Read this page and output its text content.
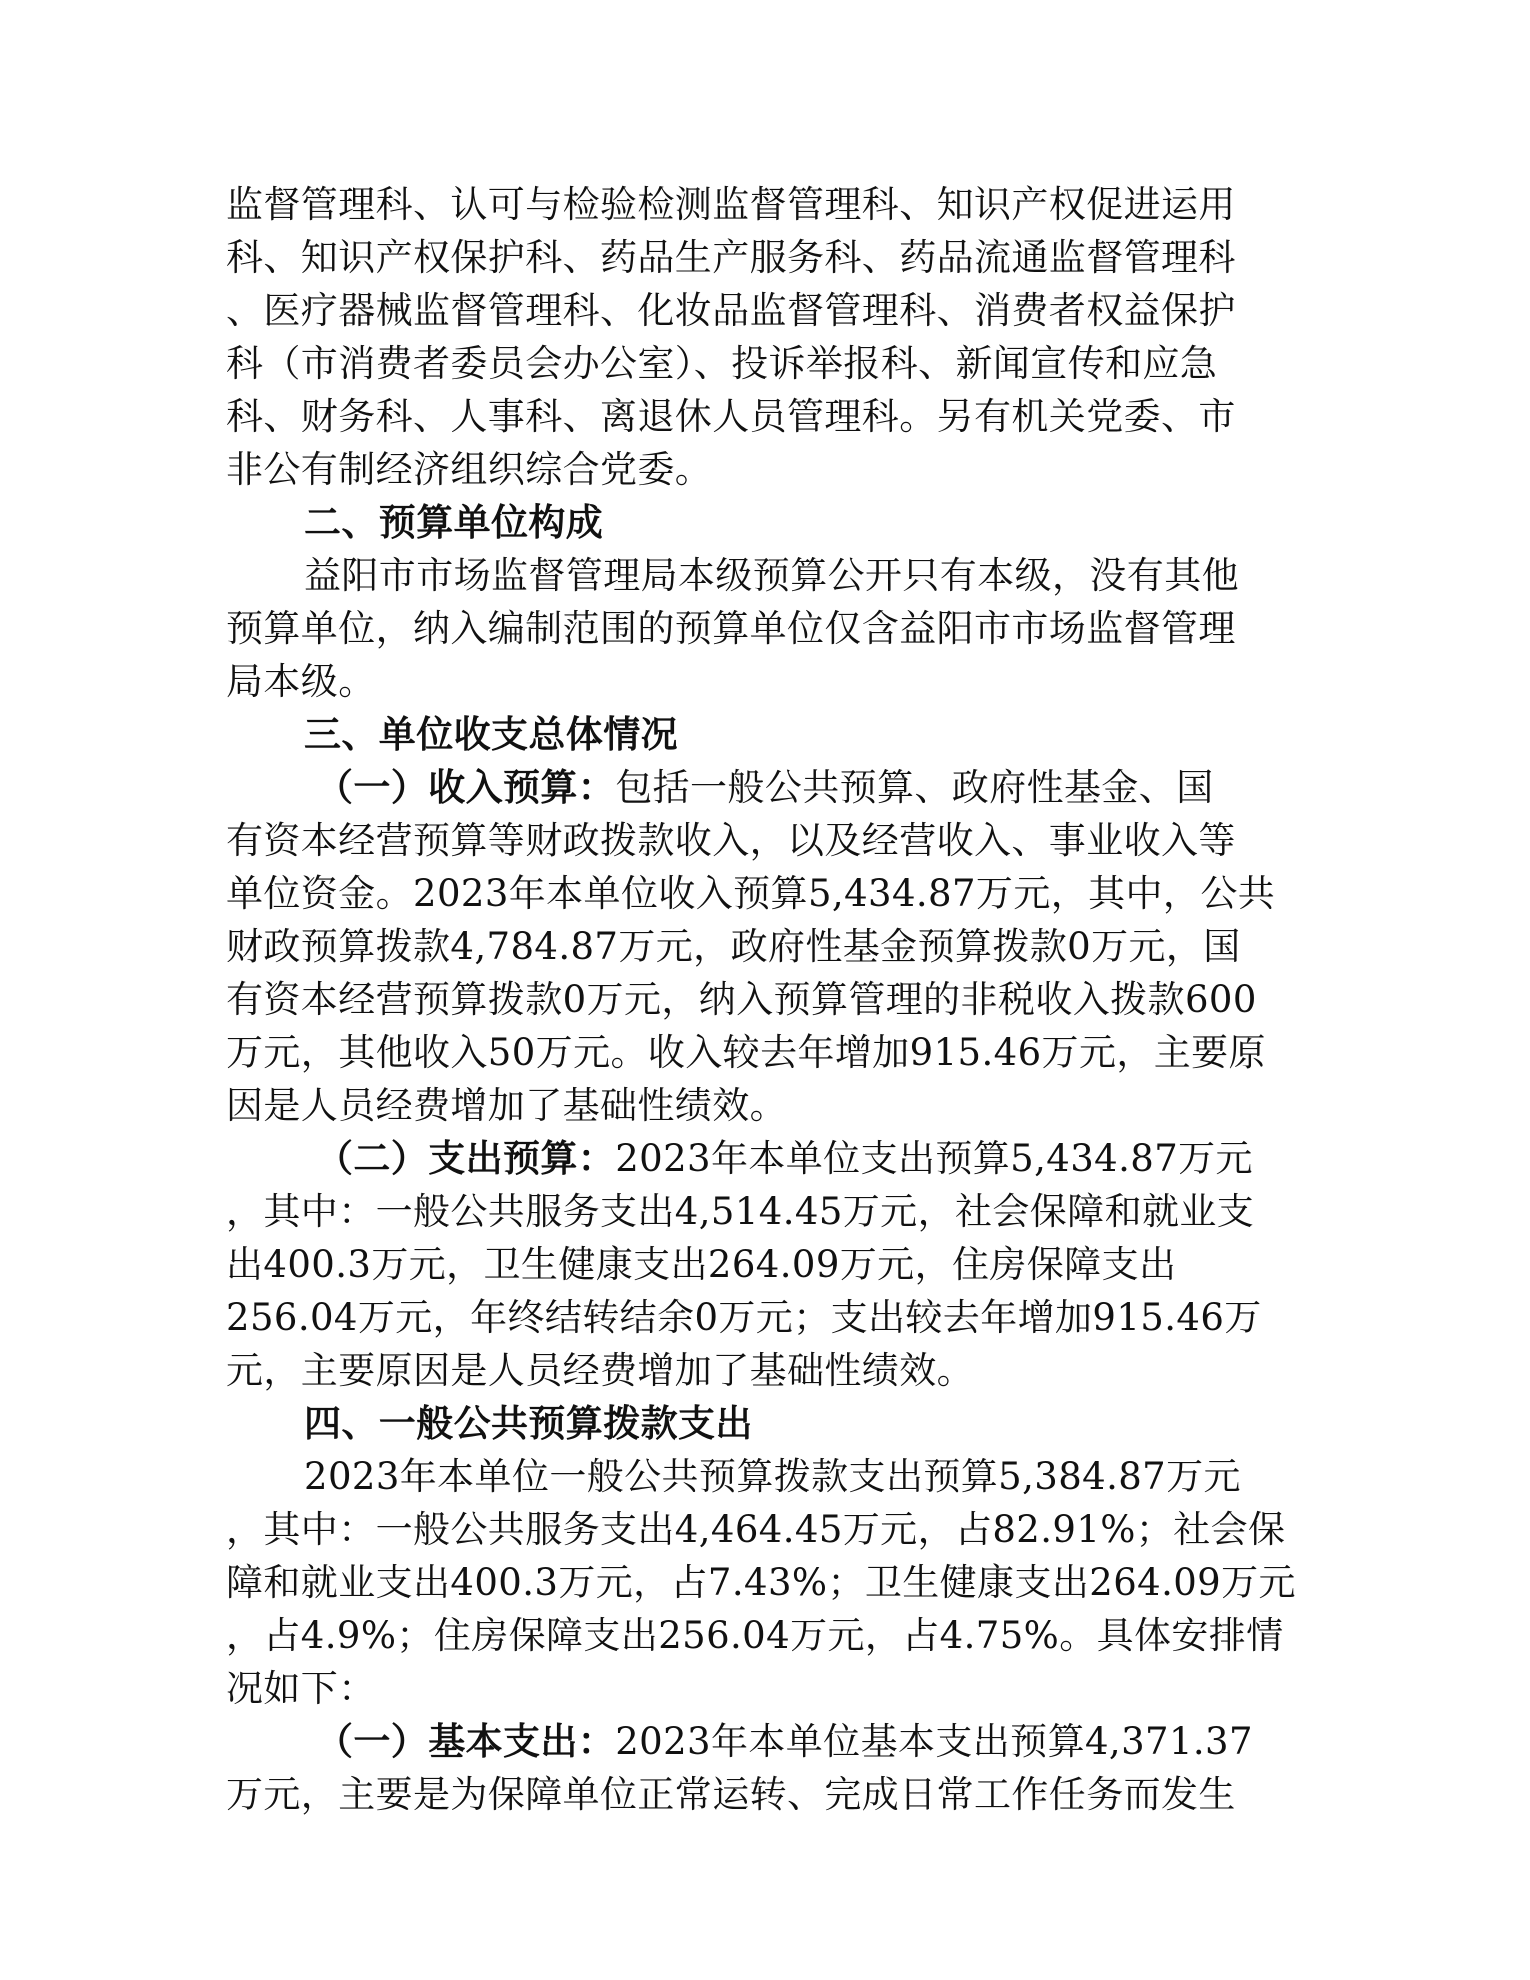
监督管理科、认可与检验检测监督管理科、知识产权促进运用
科、知识产权保护科、药品生产服务科、药品流通监督管理科
、医疗器械监督管理科、化妆品监督管理科、消费者权益保护
科（市消费者委员会办公室）、投诉举报科、新闻宣传和应急
科、财务科、人事科、离退休人员管理科。另有机关党委、市
非公有制经济组织综合党委。
二、预算单位构成
益阳市市场监督管理局本级预算公开只有本级，没有其他
预算单位，纳入编制范围的预算单位仅含益阳市市场监督管理
局本级。
三、单位收支总体情况
（一）收入预算：包括一般公共预算、政府性基金、国
有资本经营预算等财政拨款收入，以及经营收入、事业收入等
单位资金。2023年本单位收入预算5,434.87万元，其中，公共
财政预算拨款4,784.87万元，政府性基金预算拨款0万元，国
有资本经营预算拨款0万元，纳入预算管理的非税收入拨款600
万元，其他收入50万元。收入较去年增加915.46万元，主要原
因是人员经费增加了基础性绩效。
（二）支出预算：2023年本单位支出预算5,434.87万元
，其中：一般公共服务支出4,514.45万元，社会保障和就业支
出400.3万元，卫生健康支出264.09万元，住房保障支出
256.04万元，年终结转结余0万元；支出较去年增加915.46万
元，主要原因是人员经费增加了基础性绩效。
四、一般公共预算拨款支出
2023年本单位一般公共预算拨款支出预算5,384.87万元
，其中：一般公共服务支出4,464.45万元，占82.91%；社会保
障和就业支出400.3万元，占7.43%；卫生健康支出264.09万元
，占4.9%；住房保障支出256.04万元，占4.75%。具体安排情
况如下：
（一）基本支出：2023年本单位基本支出预算4,371.37
万元，主要是为保障单位正常运转、完成日常工作任务而发生
